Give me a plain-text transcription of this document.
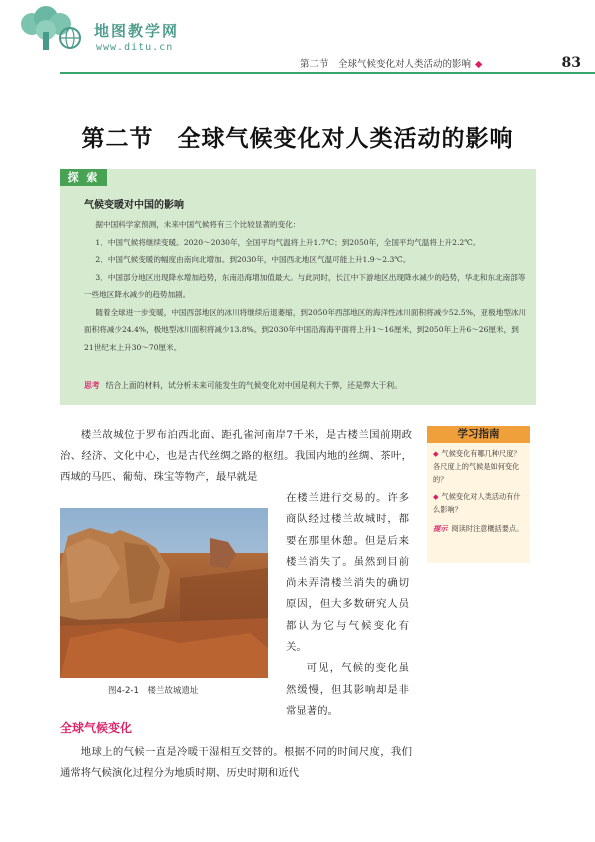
地图教学网
www.ditu.cn
第二节　全球气候变化对人类活动的影响 ◆	83
第二节　全球气候变化对人类活动的影响
探 索
气候变暖对中国的影响

据中国科学家预测，未来中国气候将有三个比较显著的变化：

1．中国气候将继续变暖。2020～2030年，全国平均气温将上升1.7℃；到2050年，全国平均气温将上升2.2℃。

2．中国气候变暖的幅度由南向北增加。到2030年，中国西北地区气温可能上升1.9～2.3℃。

3．中国部分地区出现降水增加趋势，东南沿海增加值最大。与此同时，长江中下游地区出现降水减少的趋势，华北和东北南部等一些地区降水减少的趋势加剧。

随着全球进一步变暖，中国西部地区的冰川将继续后退萎缩，到2050年西部地区的海洋性冰川面积将减少52.5%，亚极地型冰川面积将减少24.4%，极地型冰川面积将减少13.8%。到2030年中国沿海海平面将上升1～16厘米，到2050年上升6～26厘米，到21世纪末上升30～70厘米。

思考 结合上面的材料，试分析未来可能发生的气候变化对中国是利大于弊，还是弊大于利。
学习指南
◆ 气候变化有哪几种尺度？各尺度上的气候是如何变化的？
◆ 气候变化对人类活动有什么影响？
提示 阅读时注意概括要点。

楼兰故城位于罗布泊西北面、距孔雀河南岸7千米，是古楼兰国前期政治、经济、文化中心，也是古代丝绸之路的枢纽。我国内地的丝绸、茶叶，西域的马匹、葡萄、珠宝等物产，最早就是

在楼兰进行交易的。许多商队经过楼兰故城时，都要在那里休憩。但是后来楼兰消失了。虽然到目前尚未弄清楼兰消失的确切原因，但大多数研究人员都认为它与气候变化有关。

可见，气候的变化虽然缓慢，但其影响却是非常显著的。

图4-2-1　楼兰故城遗址
全球气候变化

地球上的气候一直是冷暖干湿相互交替的。根据不同的时间尺度，我们通常将气候演化过程分为地质时期、历史时期和近代
